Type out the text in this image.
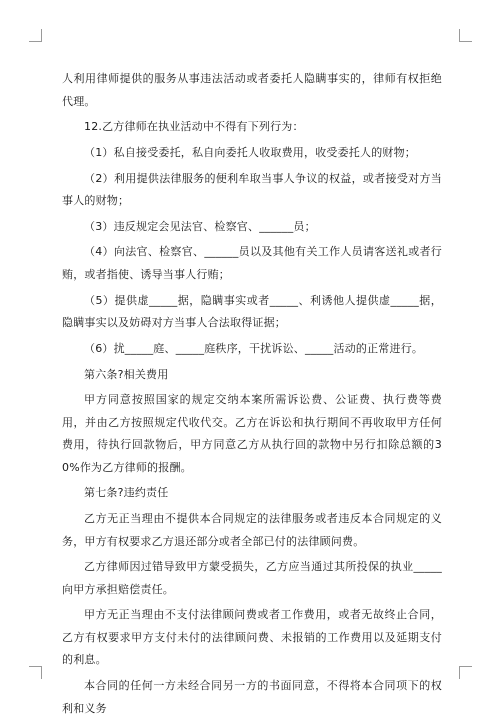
人利用律师提供的服务从事违法活动或者委托人隐瞒事实的，律师有权拒绝代理。

12.乙方律师在执业活动中不得有下列行为：

（1）私自接受委托，私自向委托人收取费用，收受委托人的财物；

（2）利用提供法律服务的便利牟取当事人争议的权益，或者接受对方当事人的财物；

（3）违反规定会见法官、检察官、______员；

（4）向法官、检察官、______员以及其他有关工作人员请客送礼或者行贿，或者指使、诱导当事人行贿；

（5）提供虚_____据，隐瞒事实或者_____、利诱他人提供虚_____据，隐瞒事实以及妨碍对方当事人合法取得证据；

（6）扰_____庭、_____庭秩序，干扰诉讼、_____活动的正常进行。

第六条?相关费用

甲方同意按照国家的规定交纳本案所需诉讼费、公证费、执行费等费用，并由乙方按照规定代收代交。乙方在诉讼和执行期间不再收取甲方任何费用，待执行回款物后，甲方同意乙方从执行回的款物中另行扣除总额的30%作为乙方律师的报酬。

第七条?违约责任

乙方无正当理由不提供本合同规定的法律服务或者违反本合同规定的义务，甲方有权要求乙方退还部分或者全部已付的法律顾问费。

乙方律师因过错导致甲方蒙受损失，乙方应当通过其所投保的执业_____向甲方承担赔偿责任。

甲方无正当理由不支付法律顾问费或者工作费用，或者无故终止合同，乙方有权要求甲方支付未付的法律顾问费、未报销的工作费用以及延期支付的利息。

本合同的任何一方未经合同另一方的书面同意，不得将本合同项下的权利和义务
